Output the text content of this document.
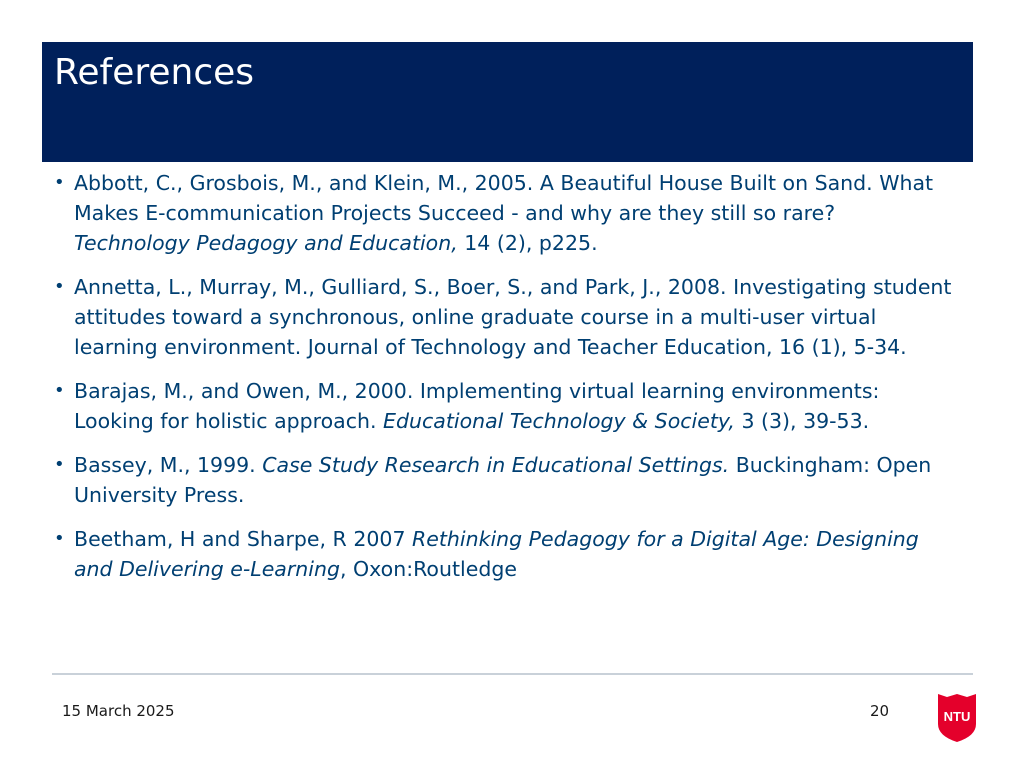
References
• Abbott, C., Grosbois, M., and Klein, M., 2005. A Beautiful House Built on Sand. What Makes E-communication Projects Succeed - and why are they still so rare? Technology Pedagogy and Education, 14 (2), p225.
• Annetta, L., Murray, M., Gulliard, S., Boer, S., and Park, J., 2008. Investigating student attitudes toward a synchronous, online graduate course in a multi-user virtual learning environment. Journal of Technology and Teacher Education, 16 (1), 5-34.
• Barajas, M., and Owen, M., 2000. Implementing virtual learning environments: Looking for holistic approach. Educational Technology & Society, 3 (3), 39-53.
• Bassey, M., 1999. Case Study Research in Educational Settings. Buckingham: Open University Press.
• Beetham, H and Sharpe, R 2007 Rethinking Pedagogy for a Digital Age: Designing and Delivering e-Learning, Oxon:Routledge
15 March 2025	20	NTU
